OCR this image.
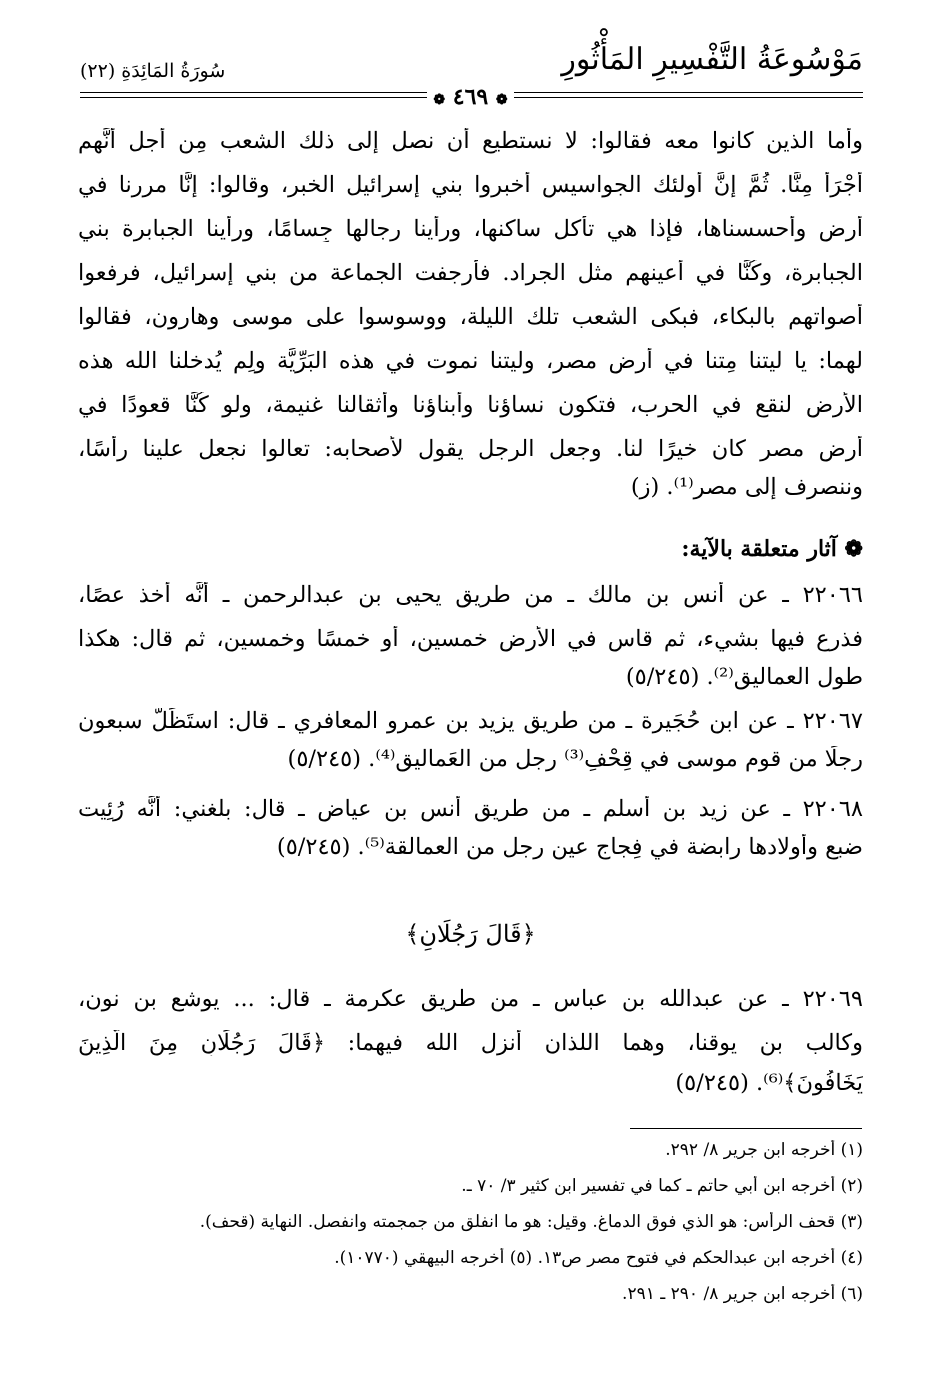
مَوْسُوعَةُ التَّفْسِيرِ المَأْثُورِ
سُورَةُ المَائِدَةِ (٢٢)
❁ ٤٦٩ ❁
وأما الذين كانوا معه فقالوا: لا نستطيع أن نصل إلى ذلك الشعب مِن أجل أنَّهم
أَجْرَأُ مِنَّا. ثُمَّ إنَّ أولئك الجواسيس أخبروا بني إسرائيل الخبر، وقالوا: إنَّا مررنا في
أرضٍ وأحسسناها، فإذا هي تأكل ساكنها، ورأينا رجالها جِسامًا، ورأينا الجبابرة بني
الجبابرة، وكُنَّا في أعينهم مثل الجراد. فأرجفت الجماعة من بني إسرائيل، فرفعوا
أصواتهم بالبكاء، فبكى الشعب تلك الليلة، ووسوسوا على موسى وهارون، فقالوا
لهما: يا ليتنا مِتنا في أرض مصر، وليتنا نموت في هذه البَرِّيَّة ولِم يُدخلنا الله هذه
الأرض لنقع في الحرب، فتكون نساؤنا وأبناؤنا وأثقالنا غنيمة، ولو كُنَّا قعودًا في
أرض مصر كان خيرًا لنا. وجعل الرجل يقول لأصحابه: تعالوا نجعل علينا رأسًا،
وننصرف إلى مصر⁽¹⁾. (ز)
❁ آثار متعلقة بالآية:
٢٢٠٦٦ ـ عن أنس بن مالك ـ من طريق يحيى بن عبدالرحمن ـ أنَّه أخذ عصًا،
فذرع فيها بشيء، ثم قاس في الأرض خمسين، أو خمسًا وخمسين، ثم قال: هكذا
طول العماليق⁽²⁾. (٥/٢٤٥)
٢٢٠٦٧ ـ عن ابن حُجَيرة ـ من طريق يزيد بن عمرو المعافري ـ قال: استَظَلَّ سبعون
رجلًا من قوم موسى في قِحْفِ⁽³⁾ رجل من العَماليق⁽⁴⁾. (٥/٢٤٥)
٢٢٠٦٨ ـ عن زيد بن أسلم ـ من طريق أنس بن عياض ـ قال: بلغني: أنَّه رُئِيت
ضبع وأولادها رابضة في فِجاج عينِ رجل من العمالقة⁽⁵⁾. (٥/٢٤٥)
﴿قَالَ رَجُلَانِ﴾
٢٢٠٦٩ ـ عن عبدالله بن عباس ـ من طريق عكرمة ـ قال: ... يوشع بن نون،
وكالب بن يوقنا، وهما اللذان أنزل الله فيهما: ﴿قَالَ رَجُلَانِ مِنَ الَّذِينَ
يَخَافُونَ﴾⁽⁶⁾. (٥/٢٤٥)
(١) أخرجه ابن جرير ٨/ ٢٩٢.
(٢) أخرجه ابن أبي حاتم ـ كما في تفسير ابن كثير ٣/ ٧٠ ـ.
(٣) قحف الرأس: هو الذي فوق الدماغ. وقيل: هو ما انفلق من جمجمته وانفصل. النهاية (قحف).
(٤) أخرجه ابن عبدالحكم في فتوح مصر ص١٣. (٥) أخرجه البيهقي (١٠٧٧٠).
(٦) أخرجه ابن جرير ٨/ ٢٩٠ ـ ٢٩١.
